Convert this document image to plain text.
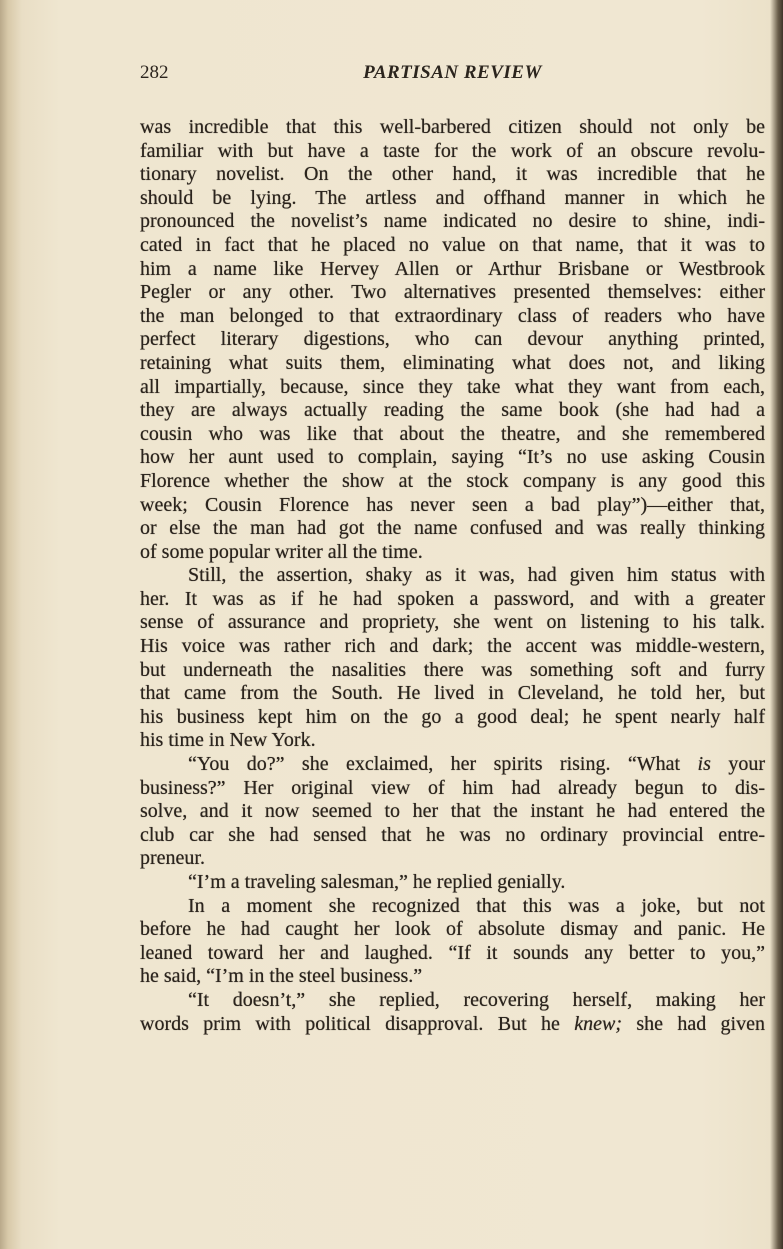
282	PARTISAN REVIEW
was incredible that this well-barbered citizen should not only be
familiar with but have a taste for the work of an obscure revolu-
tionary novelist. On the other hand, it was incredible that he
should be lying. The artless and offhand manner in which he
pronounced the novelist’s name indicated no desire to shine, indi-
cated in fact that he placed no value on that name, that it was to
him a name like Hervey Allen or Arthur Brisbane or Westbrook
Pegler or any other. Two alternatives presented themselves: either
the man belonged to that extraordinary class of readers who have
perfect literary digestions, who can devour anything printed,
retaining what suits them, eliminating what does not, and liking
all impartially, because, since they take what they want from each,
they are always actually reading the same book (she had had a
cousin who was like that about the theatre, and she remembered
how her aunt used to complain, saying “It’s no use asking Cousin
Florence whether the show at the stock company is any good this
week; Cousin Florence has never seen a bad play”)—either that,
or else the man had got the name confused and was really thinking
of some popular writer all the time.
Still, the assertion, shaky as it was, had given him status with
her. It was as if he had spoken a password, and with a greater
sense of assurance and propriety, she went on listening to his talk.
His voice was rather rich and dark; the accent was middle-western,
but underneath the nasalities there was something soft and furry
that came from the South. He lived in Cleveland, he told her, but
his business kept him on the go a good deal; he spent nearly half
his time in New York.
“You do?” she exclaimed, her spirits rising. “What is your
business?” Her original view of him had already begun to dis-
solve, and it now seemed to her that the instant he had entered the
club car she had sensed that he was no ordinary provincial entre-
preneur.
“I’m a traveling salesman,” he replied genially.
In a moment she recognized that this was a joke, but not
before he had caught her look of absolute dismay and panic. He
leaned toward her and laughed. “If it sounds any better to you,”
he said, “I’m in the steel business.”
“It doesn’t,” she replied, recovering herself, making her
words prim with political disapproval. But he knew; she had given
